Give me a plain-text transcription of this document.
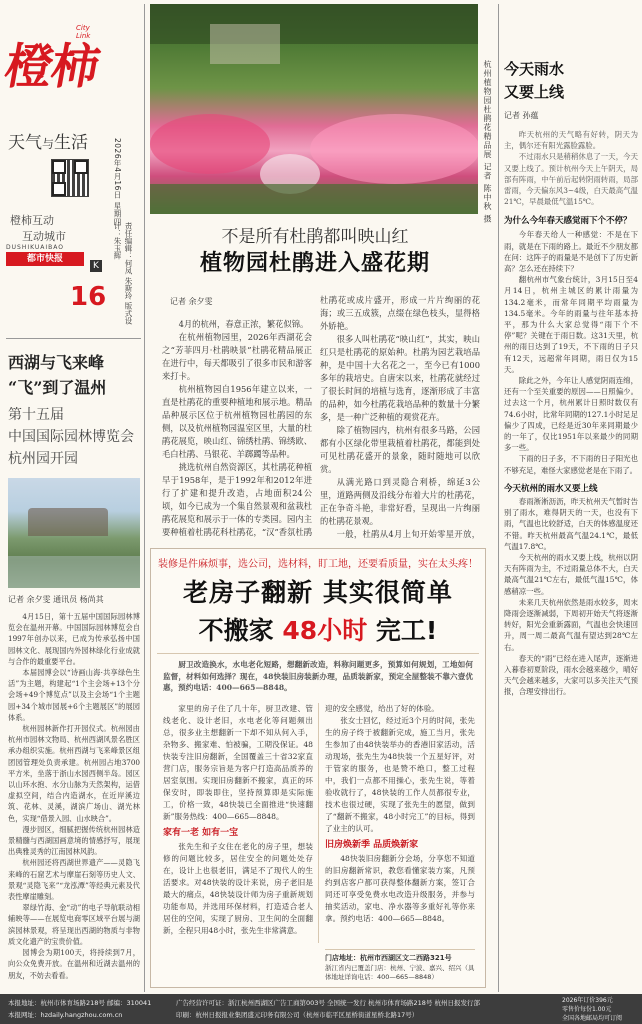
橙柿
City Link
天气与生活
橙柿互动
互动城市
DUSHIKUAIBAO
都市快报
K
16
2026年4月16日 星期四
责任编辑：何凤 朱斯玲 版式设计：朱玉辉
西湖与飞来峰
“飞”到了温州
第十五届
中国国际园林博览会
杭州园开园
记者 余夕雯 通讯员 杨尚其

4月15日，第十五届中国国际园林博览会在温州开幕。中国国际园林博览会自1997年创办以来，已成为传承弘扬中国园林文化、展现国内外园林绿化行业成就与合作的最重要平台。

本届园博会以“诗画山海·共享绿色生活”为主题，构建起“1个主会场+13个分会场+49个博览点”以及主会场“1个主题园+34个城市园展+6个主题展区”的展园体系。

杭州园林新作打开园仪式。杭州园由杭州市园林文物局、杭州西湖风景名胜区承办组织实施。杭州西湖与飞来峰景区组团园管理处负责承建。杭州园占地3700平方米，坐落于浙山水园西侧半岛。园区以山环水抱、水分山脉为天然架构，运借虚拟空间，结合内造湖水，在近岸溪边筑、花林、灵溪，湖滨广场山、湖光林色，实现“借景入园、山水映合”。

漫步园区，细腻把握传统杭州园林造景精髓与西湖国画意境的情感抒写，展现出典雅灵秀的江南园林风韵。

杭州园还将西湖世界遗产——灵隐飞来峰的石窟艺术与摩崖石刻等历史人文、景观“灵隐飞来”“龙泓潭”等经典元素及代表性摩崖雕刻。

翠绿竹海、金“动”的电子导航联动相辅映等——在展览电商零区域平台展与湖滨园林景观，将呈现出西湖的物质与非物质文化遗产的宝贵价值。

园博会为期100天，将持续到7月，向公众免费开放。在温州和近湖去温州的朋友，不妨去看看。

杭州植物园杜鹃花精品展 记者 陈中秋 摄
不是所有杜鹃都叫映山红
植物园杜鹃进入盛花期
记者 余夕雯

4月的杭州，春意正浓，繁花似锦。

在杭州植物园里，2026年西湖花会之“芳菲四月·杜鹃映景”杜鹃花精品展正在进行中，每天都吸引了很多市民和游客来打卡。

杭州植物园自1956年建立以来，一直是杜鹃花的重要种植地和展示地。精品品种展示区位于杭州植物园杜鹃园的东侧，以及杭州植物园温室区里，大量的杜鹃花展览，映山红、锦绣杜鹃、锦绣欧、毛白杜鹃、马银花、羊踯躅等品种。

挑选杭州自然资源区，其杜鹃花种植早于1958年，是于1992年和2012年进行了扩建和提升改造，占地面积24公顷，如今已成为一个集自然景观和盆栽杜鹃花展览和展示于一体的专类园。园内主要种植着杜鹃花科杜鹃花，“汉”香氛杜鹃

杜鹃花或成片盛开，形成一片片绚丽的花海；或三五成簇，点缀在绿色枝头，显得格外娇艳。

很多人叫杜鹃花“映山红”，其实，映山红只是杜鹃花的原始种。杜鹃为园艺栽培品种，是中国十大名花之一，至今已有1000多年的栽培史。自唐宋以来，杜鹃花就经过了很长时间的培植与选育，逐渐形成了丰富的品种，如今杜鹃花栽培品种的数量十分繁多，是一种广泛种植的观赏花卉。

除了植物园内，杭州有很多马路，公园都有小区绿化带里栽植着杜鹃花，都能到处可见杜鹃花盛开的景象，随时随地可以欣赏。

从满光路口到灵隐合利桥，绵延3公里，道路两侧及沿线分布着大片的杜鹃花，正在争奇斗艳，非常好看，呈现出一片绚丽的杜鹃花景观。

一般，杜鹃从4月上旬开始零星开放，

装修是件麻烦事，选公司，选材料，盯工地，还要看质量，实在太头疼！
老房子翻新 其实很简单
不搬家 48小时 完工!
厨卫改造换水，水电老化短路，想翻新改造，料称问题更多，预算如何规划，工地如何监督，材料如何选择？现在，48快装旧房装新办理，品质装新家，预定全屋整装不靠六壹优惠，预约电话：400—665—8848。

家里的房子住了几十年，厨卫改建、管线老化、设计老旧，水电老化等问题频出总，很多业主想翻新一下却不知从何入手，杂物多、搬家难、怕被骗，工期没保证。48快装专注旧房翻新，全国覆盖三十省32家直营门店，服务宗旨是为客户打造高品质养的居室氛围。实现旧房翻新不搬家，真正的环保安时，即装即住，坚持预算即是实际施工，价格一致，48快装已全面推进“快速翻新”服务热线：400—665—8848。

家有一老 如有一宝

张先生和子女住在老化的房子里，想装修的问题比较多，居住安全的问题处处存在，设计上也很老旧，满足不了现代人的生活要求。对48快装的设计来说，房子老旧是最大的痛点，48快装设计师为房子重新规划功能布局，并选用环保材料，打造适合老人居住的空间，实现了厨房、卫生间的全面翻新，全程只用48小时，张先生非常满意。

迎的安全感觉，给出了好的体验。

张女士回忆，经过近3个月的时间，张先生的房子终于被翻新完成，施工当月，张先生参加了由48快装举办的香港旧家活动，活动现场，张先生为48快装一个五星好评，对于管家的服务，也是赞不绝口，整工过程中，我们一点都不用操心，张先生说，等着验收就行了，48快装的工作人员都很专业，技术也很过硬，实现了张先生的愿望，做到了“翻新不搬家，48小时完工”的目标，得到了业主的认可。

旧房焕新季 品质焕新家

48快装旧房翻新分会场，分享您不知道的旧房翻新常识，教您看懂家装方案，凡预约到店客户都可获得整体翻新方案，签订合同还可享受免费水电改造升级服务，并参与抽奖活动，家电、净水器等多重好礼等你来拿。预约电话：400—665—8848。

门店地址：杭州市西湖区文二西路321号
浙江省内已覆盖门店：杭州、宁波、嘉兴、绍兴（具体地址详询电话：400—665—8848）
今天雨水
又要上线
记者 孙蕴

昨天杭州的天气略有好转，阴天为主，偶尔还有阳光露脸露脸。

不过雨水只是稍稍休息了一天，今天又要上线了。预计杭州今天上午阴天，局部有阵雨，中午前后起转阴雨转雨，局部雷雨，今天偏东风3~4级，白天最高气温21℃，早晨最低气温15℃。

为什么今年春天感觉雨下个不停？

今年春天给人一种感觉：不是在下雨，就是在下雨的路上。最近不少朋友都在问：这阵子的雨量是不是创下了历史新高？怎么还在持续下？

翻杭州市气象台统计，3月15日至4月14日，杭州主城区的累计雨量为134.2毫米，而常年同期平均雨量为134.5毫米。今年的雨量与往年基本持平，那为什么大家总觉得“雨下个不停”呢？关键在于雨日数。这31天里，杭州的雨日达到了19天，不下雨的日子只有12天，远超常年同期，雨日仅为15天。

除此之外，今年让人感觉阴雨连绵，还有一个至关重要的原因——日照偏少。过去这一个月，杭州累计日照时数仅有74.6小时，比常年同期的127.1小时足足偏少了四成，已经是近30年来同期最少的一年了，仅比1951年以来最少的同期多一些。

下雨的日子多，不下雨的日子阳光也不够充足，难怪大家感觉老是在下雨了。

今天杭州的雨水又要上线

春雨淅淅沥沥，昨天杭州天气暂时告别了雨水，难得阴天的一天，也没有下雨，气温也比较舒适，白天的体感温度还不错。昨天杭州最高气温24.1℃，最低气温17.8℃。

今天杭州的雨水又要上线，杭州以阴天有阵雨为主，不过雨量总体不大，白天最高气温21℃左右，最低气温15℃，体感稍凉一些。

未来几天杭州依然是雨水较多，周末降雨会逐渐减弱，下周初开始天气将逐渐转好，阳光会重新露面，气温也会快速回升，周一周二最高气温有望达到28℃左右。

春天的“雨”已经在进入尾声，逐渐进入暮春初夏阶段，雨水会越来越少，晴好天气会越来越多，大家可以多关注天气预报，合理安排出行。

本报地址：杭州市体育场路218号 邮编：310041
本报网址：hzdaily.hangzhou.com.cn
广告经营许可证：浙江杭州西湖区广告工商第003号 全国统一发行 杭州市体育场路218号 杭州日报发行部
印刷：杭州日报报业集团盛元印务有限公司（杭州市临平区星桥街道星桥北路17号）
2026年订价396元
零售价每份1.00元
全国各地邮局均可订阅
